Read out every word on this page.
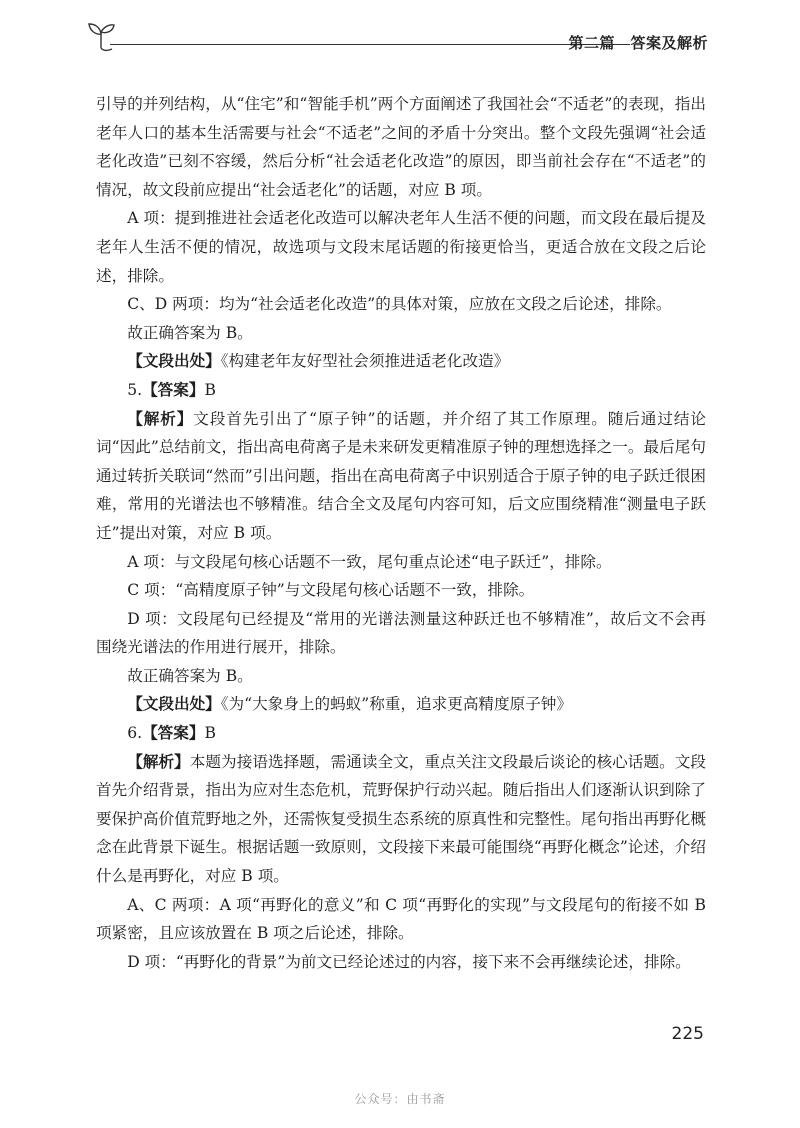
第二篇　答案及解析

引导的并列结构，从“住宅”和“智能手机”两个方面阐述了我国社会“不适老”的表现，指出老年人口的基本生活需要与社会“不适老”之间的矛盾十分突出。整个文段先强调“社会适老化改造”已刻不容缓，然后分析“社会适老化改造”的原因，即当前社会存在“不适老”的情况，故文段前应提出“社会适老化”的话题，对应 B 项。

A 项：提到推进社会适老化改造可以解决老年人生活不便的问题，而文段在最后提及老年人生活不便的情况，故选项与文段末尾话题的衔接更恰当，更适合放在文段之后论述，排除。

C、D 两项：均为“社会适老化改造”的具体对策，应放在文段之后论述，排除。

故正确答案为 B。

【文段出处】《构建老年友好型社会须推进适老化改造》

5.【答案】B

【解析】文段首先引出了“原子钟”的话题，并介绍了其工作原理。随后通过结论词“因此”总结前文，指出高电荷离子是未来研发更精准原子钟的理想选择之一。最后尾句通过转折关联词“然而”引出问题，指出在高电荷离子中识别适合于原子钟的电子跃迁很困难，常用的光谱法也不够精准。结合全文及尾句内容可知，后文应围绕精准“测量电子跃迁”提出对策，对应 B 项。

A 项：与文段尾句核心话题不一致，尾句重点论述“电子跃迁”，排除。

C 项：“高精度原子钟”与文段尾句核心话题不一致，排除。

D 项：文段尾句已经提及“常用的光谱法测量这种跃迁也不够精准”，故后文不会再围绕光谱法的作用进行展开，排除。

故正确答案为 B。

【文段出处】《为“大象身上的蚂蚁”称重，追求更高精度原子钟》

6.【答案】B

【解析】本题为接语选择题，需通读全文，重点关注文段最后谈论的核心话题。文段首先介绍背景，指出为应对生态危机，荒野保护行动兴起。随后指出人们逐渐认识到除了要保护高价值荒野地之外，还需恢复受损生态系统的原真性和完整性。尾句指出再野化概念在此背景下诞生。根据话题一致原则，文段接下来最可能围绕“再野化概念”论述，介绍什么是再野化，对应 B 项。

A、C 两项：A 项“再野化的意义”和 C 项“再野化的实现”与文段尾句的衔接不如 B 项紧密，且应该放置在 B 项之后论述，排除。

D 项：“再野化的背景”为前文已经论述过的内容，接下来不会再继续论述，排除。

225
公众号：由书斋
